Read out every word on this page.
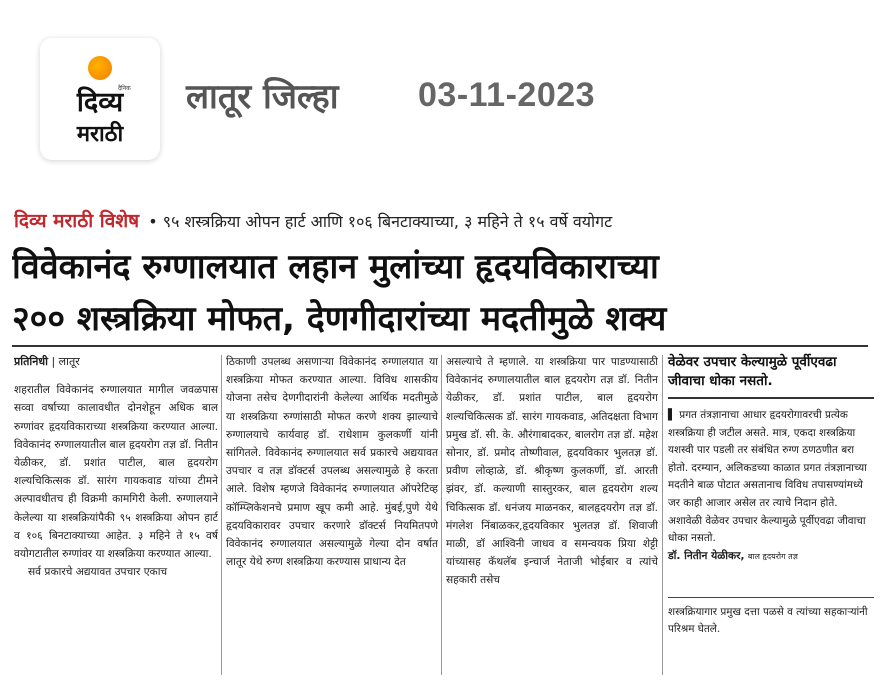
दैनिक
दिव्य
मराठी
लातूर जिल्हा 03-11-2023
दिव्य मराठी विशेष • ९५ शस्त्रक्रिया ओपन हार्ट आणि १०६ बिनटाक्याच्या, ३ महिने ते १५ वर्षे वयोगट
विवेकानंद रुग्णालयात लहान मुलांच्या हृदयविकाराच्या
२०० शस्त्रक्रिया मोफत, देणगीदारांच्या मदतीमुळे शक्य
प्रतिनिधी | लातूर
शहरातील विवेकानंद रुग्णालयात मागील जवळपास सव्वा वर्षाच्या कालावधीत दोनशेहून अधिक बाल रुग्णांवर हृदयविकाराच्या शस्त्रक्रिया करण्यात आल्या. विवेकानंद रुग्णालयातील बाल हृदयरोग तज्ञ डॉ. नितीन येळीकर, डॉ. प्रशांत पाटील, बाल हृदयरोग शल्यचिकित्सक डॉ. सारंग गायकवाड यांच्या टीमने अल्पावधीतच ही विक्रमी कामगिरी केली. रुग्णालयाने केलेल्या या शस्त्रक्रियांपैकी ९५ शस्त्रक्रिया ओपन हार्ट व १०६ बिनटाक्याच्या आहेत. ३ महिने ते १५ वर्ष वयोगटातील रुग्णांवर या शस्त्रक्रिया करण्यात आल्या.
सर्व प्रकारचे अद्ययावत उपचार एकाच
ठिकाणी उपलब्ध असणाऱ्या विवेकानंद रुग्णालयात या शस्त्रक्रिया मोफत करण्यात आल्या. विविध शासकीय योजना तसेच देणगीदारांनी केलेल्या आर्थिक मदतीमुळे या शस्त्रक्रिया रुग्णांसाठी मोफत करणे शक्य झाल्याचे रुग्णालयाचे कार्यवाह डॉ. राधेशाम कुलकर्णी यांनी सांगितले. विवेकानंद रुग्णालयात सर्व प्रकारचे अद्ययावत उपचार व तज्ञ डॉक्टर्स उपलब्ध असल्यामुळे हे करता आले. विशेष म्हणजे विवेकानंद रुग्णालयात ऑपरेटिव्ह कॉम्प्लिकेशनचे प्रमाण खूप कमी आहे. मुंबई,पुणे येथे हृदयविकारावर उपचार करणारे डॉक्टर्स नियमितपणे विवेकानंद रुग्णालयात असल्यामुळे गेल्या दोन वर्षात लातूर येथे रुग्ण शस्त्रक्रिया करण्यास प्राधान्य देत
असल्याचे ते म्हणाले. या शस्त्रक्रिया पार पाडण्यासाठी विवेकानंद रुग्णालयातील बाल हृदयरोग तज्ञ डॉ. नितीन येळीकर, डॉ. प्रशांत पाटील, बाल हृदयरोग शल्यचिकित्सक डॉ. सारंग गायकवाड, अतिदक्षता विभाग प्रमुख डॉ. सी. के. औरंगाबादकर, बालरोग तज्ञ डॉ. महेश सोनार, डॉ. प्रमोद तोष्णीवाल, हृदयविकार भुलतज्ञ डॉ. प्रवीण लोव्हाळे, डॉ. श्रीकृष्ण कुलकर्णी, डॉ. आरती झंवर, डॉ. कल्याणी सास्तुरकर, बाल हृदयरोग शल्य चिकित्सक डॉ. धनंजय माळनकर, बालहृदयरोग तज्ञ डॉ. मंगलेश निंबाळकर,हृदयविकार भुलतज्ञ डॉ. शिवाजी माळी, डॉ आश्विनी जाधव व समन्वयक प्रिया शेट्टी यांच्यासह कॅथलॅब इन्चार्ज नेताजी भोईबार व त्यांचे सहकारी तसेच
वेळेवर उपचार केल्यामुळे पूर्वीएवढा जीवाचा धोका नसतो.
▌ प्रगत तंत्रज्ञानाचा आधार हृदयरोगावरची प्रत्येक शस्त्रक्रिया ही जटील असते. मात्र, एकदा शस्त्रक्रिया यशस्वी पार पडली तर संबंधित रुग्ण ठणठणीत बरा होतो. दरम्यान, अलिकडच्या काळात प्रगत तंत्रज्ञानाच्या मदतीने बाळ पोटात असतानाच विविध तपासण्यांमध्ये जर काही आजार असेल तर त्याचे निदान होते. अशावेळी वेळेवर उपचार केल्यामुळे पूर्वीएवढा जीवाचा धोका नसतो.
डॉ. नितीन येळीकर, बाल हृदयरोग तज्ञ
शस्त्रक्रियागार प्रमुख दत्ता पळसे व त्यांच्या सहकाऱ्यांनी परिश्रम घेतले.
